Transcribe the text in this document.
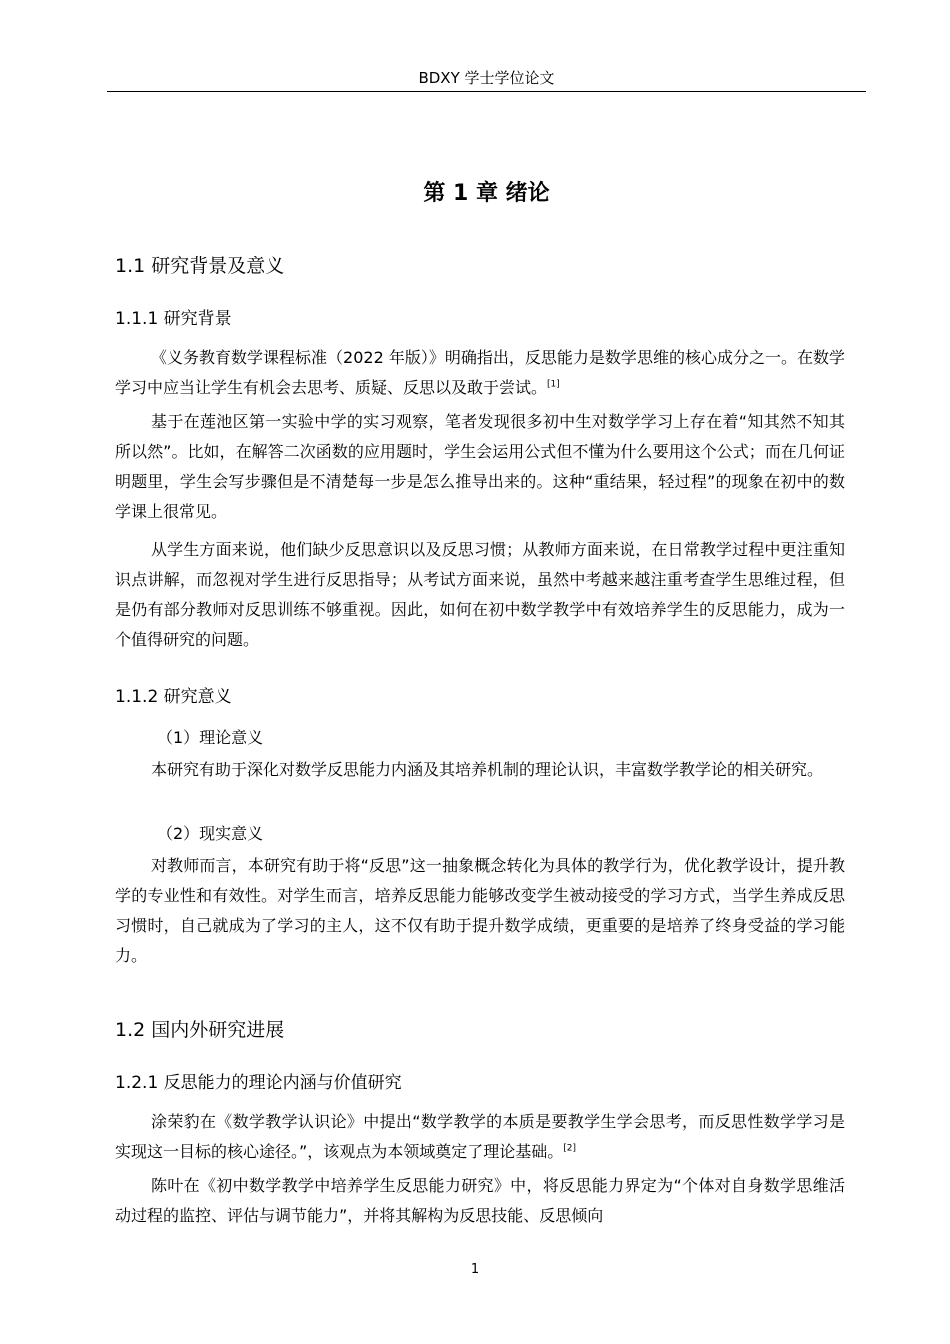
BDXY 学士学位论文
第 1 章 绪论
1.1 研究背景及意义
1.1.1 研究背景

《义务教育数学课程标准（2022 年版）》明确指出，反思能力是数学思维的核心成分之一。在数学学习中应当让学生有机会去思考、质疑、反思以及敢于尝试。[1]

基于在莲池区第一实验中学的实习观察，笔者发现很多初中生对数学学习上存在着“知其然不知其所以然”。比如，在解答二次函数的应用题时，学生会运用公式但不懂为什么要用这个公式；而在几何证明题里，学生会写步骤但是不清楚每一步是怎么推导出来的。这种“重结果，轻过程”的现象在初中的数学课上很常见。

从学生方面来说，他们缺少反思意识以及反思习惯；从教师方面来说，在日常教学过程中更注重知识点讲解，而忽视对学生进行反思指导；从考试方面来说，虽然中考越来越注重考查学生思维过程，但是仍有部分教师对反思训练不够重视。因此，如何在初中数学教学中有效培养学生的反思能力，成为一个值得研究的问题。

1.1.2 研究意义
（1）理论意义

本研究有助于深化对数学反思能力内涵及其培养机制的理论认识，丰富数学教学论的相关研究。

（2）现实意义

对教师而言，本研究有助于将“反思”这一抽象概念转化为具体的教学行为，优化教学设计，提升教学的专业性和有效性。对学生而言，培养反思能力能够改变学生被动接受的学习方式，当学生养成反思习惯时，自己就成为了学习的主人，这不仅有助于提升数学成绩，更重要的是培养了终身受益的学习能力。

1.2 国内外研究进展
1.2.1 反思能力的理论内涵与价值研究

涂荣豹在《数学教学认识论》中提出“数学教学的本质是要教学生学会思考，而反思性数学学习是实现这一目标的核心途径。”，该观点为本领域奠定了理论基础。[2]

陈叶在《初中数学教学中培养学生反思能力研究》中，将反思能力界定为“个体对自身数学思维活动过程的监控、评估与调节能力”，并将其解构为反思技能、反思倾向

1
